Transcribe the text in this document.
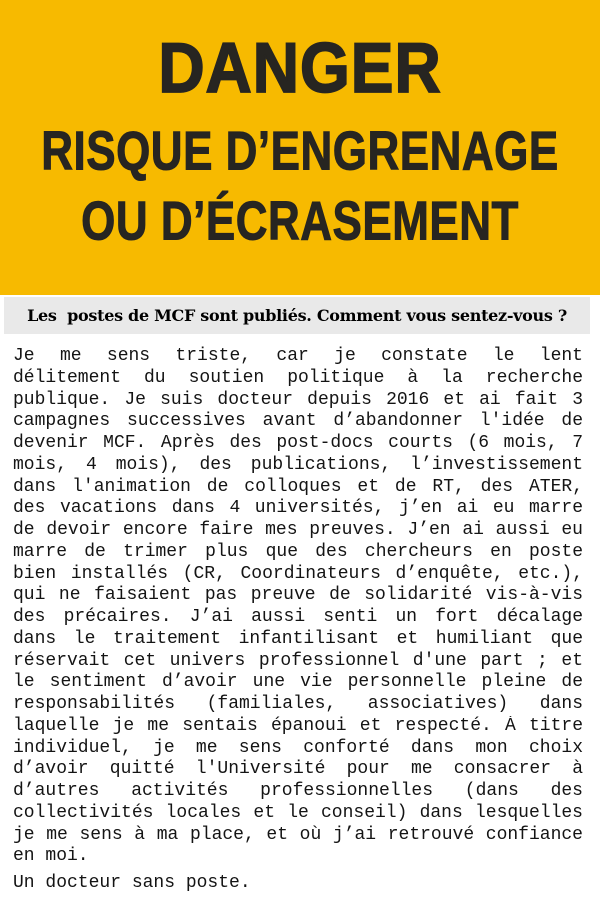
DANGER
RISQUE D’ENGRENAGE
OU D’ÉCRASEMENT
Les  postes de MCF sont publiés. Comment vous sentez-vous ?
Je me sens triste, car je constate le lent
délitement du soutien politique à la recherche
publique. Je suis docteur depuis 2016 et ai fait 3
campagnes successives avant d’abandonner l'idée de
devenir MCF. Après des post-docs courts (6 mois, 7
mois, 4 mois), des publications, l’investissement
dans l'animation de colloques et de RT, des ATER,
des vacations dans 4 universités, j’en ai eu marre
de devoir encore faire mes preuves. J’en ai aussi eu
marre de trimer plus que des chercheurs en poste
bien installés (CR, Coordinateurs d’enquête, etc.),
qui ne faisaient pas preuve de solidarité vis-à-vis
des précaires. J’ai aussi senti un fort décalage
dans le traitement infantilisant et humiliant que
réservait cet univers professionnel d'une part ; et
le sentiment d’avoir une vie personnelle pleine de
responsabilités (familiales, associatives) dans
laquelle je me sentais épanoui et respecté. À titre
individuel, je me sens conforté dans mon choix
d’avoir quitté l'Université pour me consacrer à
d’autres activités professionnelles (dans des
collectivités locales et le conseil) dans lesquelles
je me sens à ma place, et où j’ai retrouvé confiance
en moi.
Un docteur sans poste.
